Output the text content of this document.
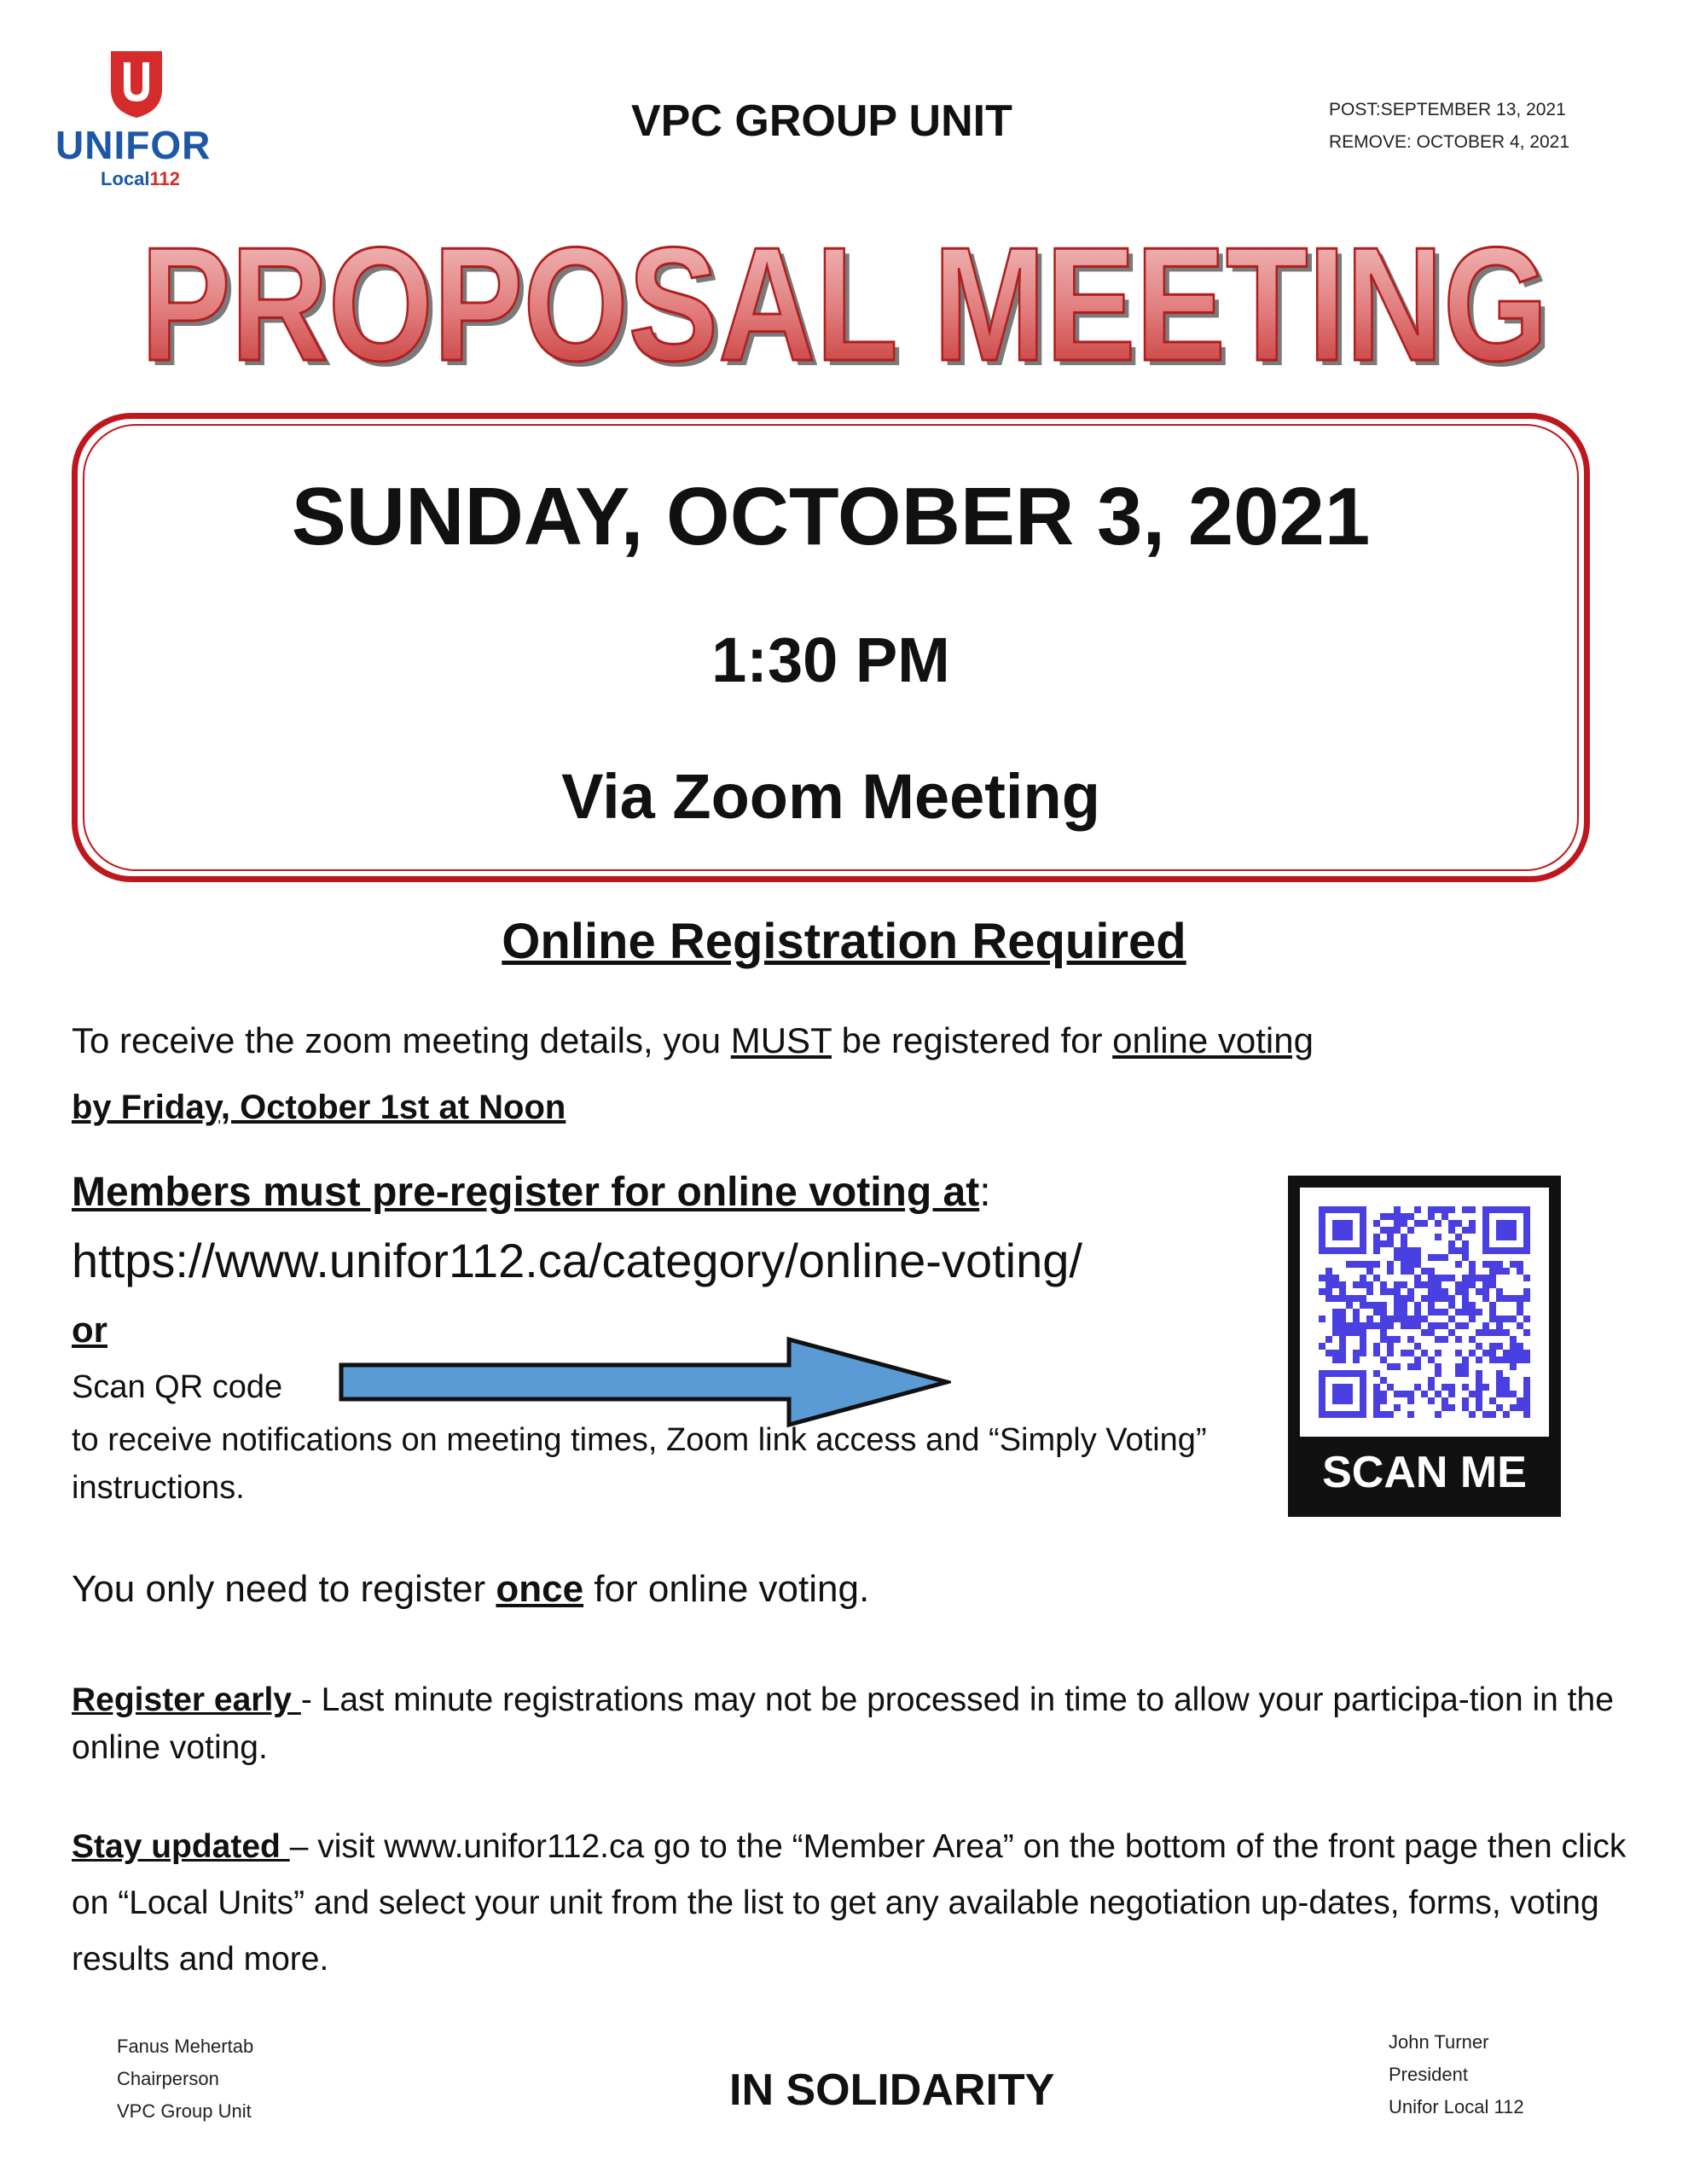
UNIFOR
Local112
VPC GROUP UNIT	POST:SEPTEMBER 13, 2021
REMOVE: OCTOBER 4, 2021
PROPOSAL MEETING
PROPOSAL MEETING
SUNDAY, OCTOBER 3, 2021
1:30 PM
Via Zoom Meeting
Online Registration Required
To receive the zoom meeting details, you MUST be registered for online voting
by Friday, October 1st at Noon
Members must pre-register for online voting at:
https://www.unifor112.ca/category/online-voting/
or
Scan QR code
to receive notifications on meeting times, Zoom link access and “Simply Voting” instructions.	SCAN ME
You only need to register once for online voting.
Register early - Last minute registrations may not be processed in time to allow your participa-tion in the online voting.
Stay updated – visit www.unifor112.ca go to the “Member Area” on the bottom of the front page then click on “Local Units” and select your unit from the list to get any available negotiation up-dates, forms, voting results and more.
Fanus Mehertab
Chairperson
VPC Group Unit	IN SOLIDARITY
John Turner
President
Unifor Local 112
